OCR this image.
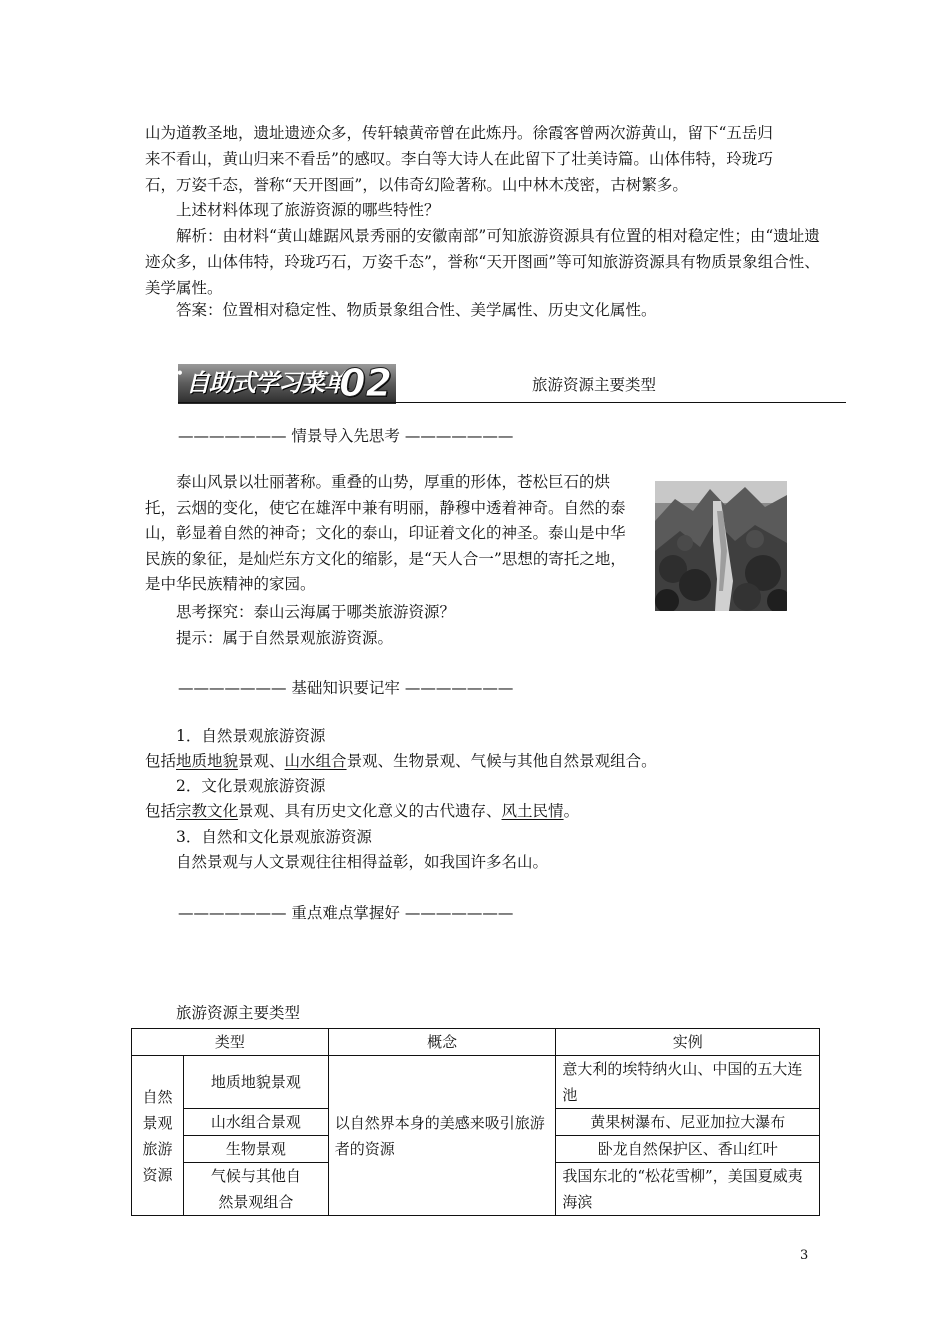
山为道教圣地，遗址遗迹众多，传轩辕黄帝曾在此炼丹。徐霞客曾两次游黄山，留下“五岳归
来不看山，黄山归来不看岳”的感叹。李白等大诗人在此留下了壮美诗篇。山体伟特，玲珑巧
石，万姿千态，誉称“天开图画”，以伟奇幻险著称。山中林木茂密，古树繁多。
上述材料体现了旅游资源的哪些特性？

解析：由材料“黄山雄踞风景秀丽的安徽南部”可知旅游资源具有位置的相对稳定性；由“遗址遗迹众多，山体伟特，玲珑巧石，万姿千态”，誉称“天开图画”等可知旅游资源具有物质景象组合性、美学属性。

答案：位置相对稳定性、物质景象组合性、美学属性、历史文化属性。
• 自助式学习菜单
02	旅游资源主要类型
——————— 情景导入先思考 ———————

泰山风景以壮丽著称。重叠的山势，厚重的形体，苍松巨石的烘托，云烟的变化，使它在雄浑中兼有明丽，静穆中透着神奇。自然的泰山，彰显着自然的神奇；文化的泰山，印证着文化的神圣。泰山是中华民族的象征，是灿烂东方文化的缩影，是“天人合一”思想的寄托之地，是中华民族精神的家园。

思考探究：泰山云海属于哪类旅游资源？
提示：属于自然景观旅游资源。
——————— 基础知识要记牢 ———————
1．自然景观旅游资源
包括地质地貌景观、山水组合景观、生物景观、气候与其他自然景观组合。
2．文化景观旅游资源
包括宗教文化景观、具有历史文化意义的古代遗存、风土民情。
3．自然和文化景观旅游资源
自然景观与人文景观往往相得益彰，如我国许多名山。
——————— 重点难点掌握好 ———————
旅游资源主要类型
类型		概念	实例
自然景观旅游资源	地质地貌景观	以自然界本身的美感来吸引旅游者的资源	意大利的埃特纳火山、中国的五大连池
	山水组合景观		黄果树瀑布、尼亚加拉大瀑布
	生物景观		卧龙自然保护区、香山红叶
	气候与其他自然景观组合		我国东北的“松花雪柳”，美国夏威夷海滨
3
